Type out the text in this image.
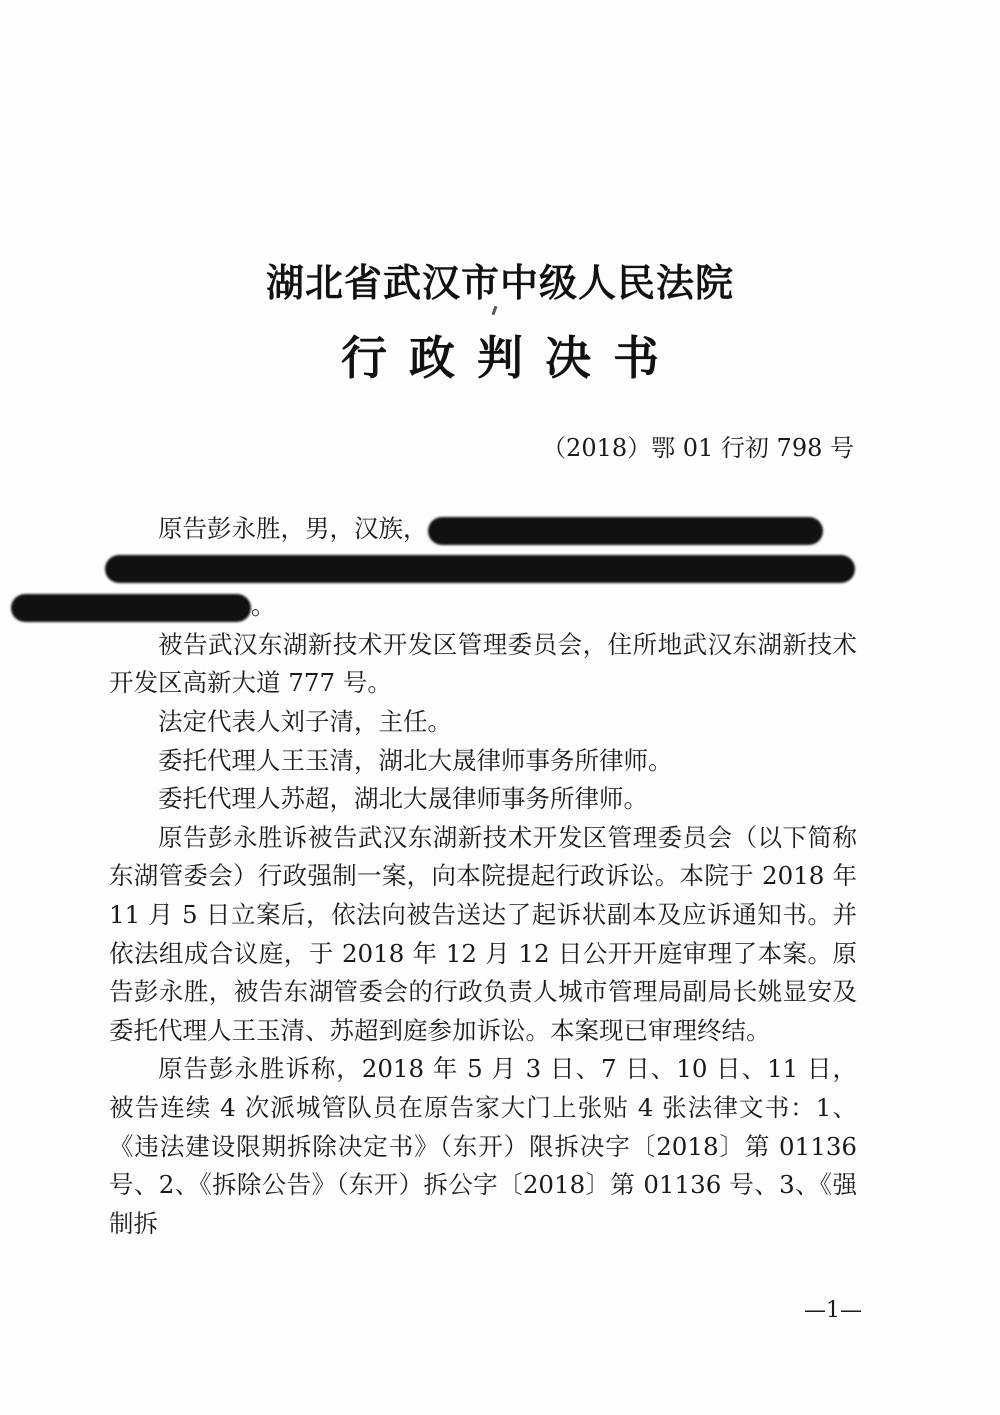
湖北省武汉市中级人民法院
行政判决书
（2018）鄂 01 行初 798 号

原告彭永胜，男，汉族，
。

被告武汉东湖新技术开发区管理委员会，住所地武汉东湖新技术开发区高新大道 777 号。

法定代表人刘子清，主任。

委托代理人王玉清，湖北大晟律师事务所律师。

委托代理人苏超，湖北大晟律师事务所律师。

原告彭永胜诉被告武汉东湖新技术开发区管理委员会（以下简称东湖管委会）行政强制一案，向本院提起行政诉讼。本院于 2018 年 11 月 5 日立案后，依法向被告送达了起诉状副本及应诉通知书。并依法组成合议庭，于 2018 年 12 月 12 日公开开庭审理了本案。原告彭永胜，被告东湖管委会的行政负责人城市管理局副局长姚显安及委托代理人王玉清、苏超到庭参加诉讼。本案现已审理终结。

原告彭永胜诉称，2018 年 5 月 3 日、7 日、10 日、11 日，被告连续 4 次派城管队员在原告家大门上张贴 4 张法律文书：1、《违法建设限期拆除决定书》（东开）限拆决字〔2018〕第 01136 号、2、《拆除公告》（东开）拆公字〔2018〕第 01136 号、3、《强制拆

—1—
